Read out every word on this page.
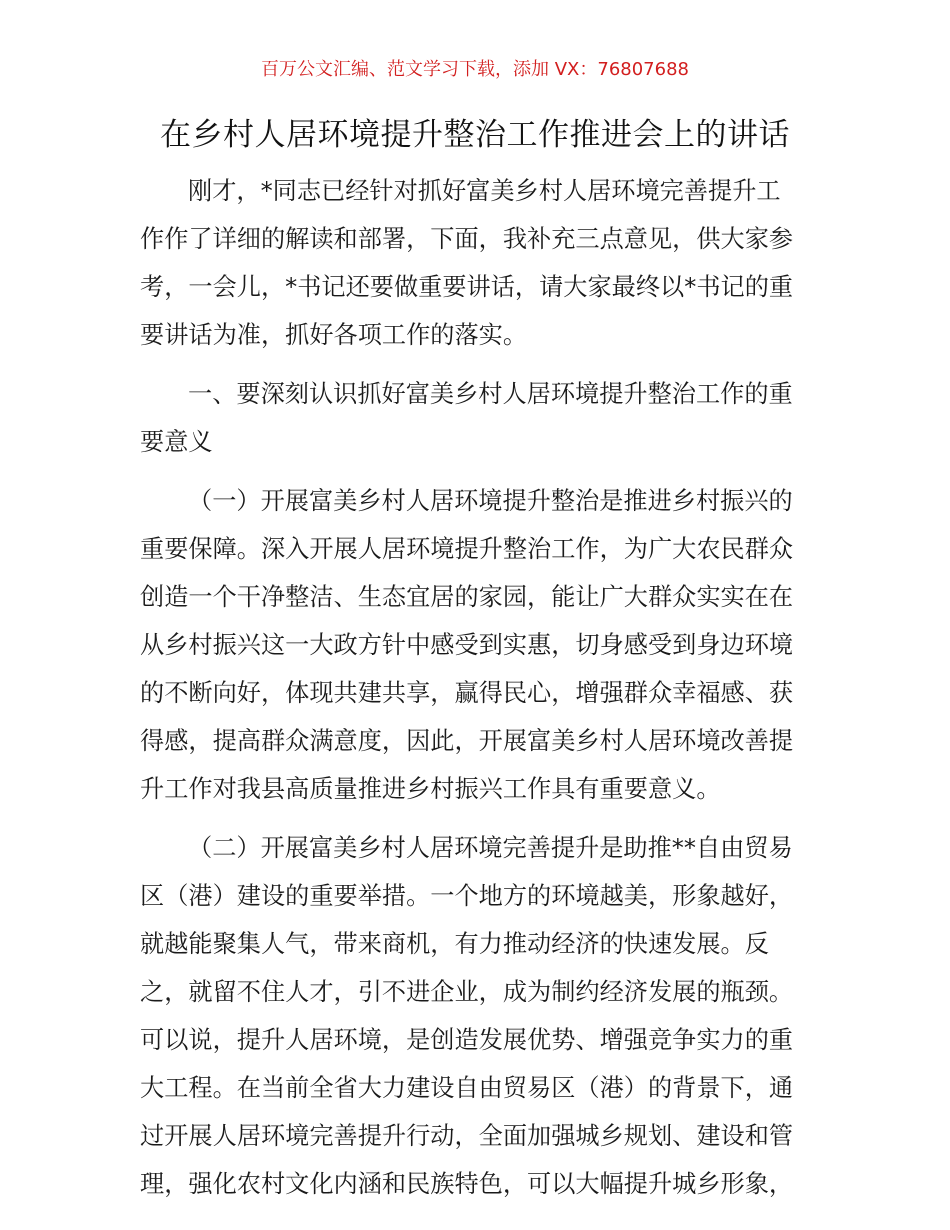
百万公文汇编、范文学习下载，添加 VX：76807688
在乡村人居环境提升整治工作推进会上的讲话
刚才，*同志已经针对抓好富美乡村人居环境完善提升工
作作了详细的解读和部署，下面，我补充三点意见，供大家参
考，一会儿，*书记还要做重要讲话，请大家最终以*书记的重
要讲话为准，抓好各项工作的落实。
一、要深刻认识抓好富美乡村人居环境提升整治工作的重
要意义
（一）开展富美乡村人居环境提升整治是推进乡村振兴的
重要保障。深入开展人居环境提升整治工作，为广大农民群众
创造一个干净整洁、生态宜居的家园，能让广大群众实实在在
从乡村振兴这一大政方针中感受到实惠，切身感受到身边环境
的不断向好，体现共建共享，赢得民心，增强群众幸福感、获
得感，提高群众满意度，因此，开展富美乡村人居环境改善提
升工作对我县高质量推进乡村振兴工作具有重要意义。
（二）开展富美乡村人居环境完善提升是助推**自由贸易
区（港）建设的重要举措。一个地方的环境越美，形象越好，
就越能聚集人气，带来商机，有力推动经济的快速发展。反
之，就留不住人才，引不进企业，成为制约经济发展的瓶颈。
可以说，提升人居环境，是创造发展优势、增强竞争实力的重
大工程。在当前全省大力建设自由贸易区（港）的背景下，通
过开展人居环境完善提升行动，全面加强城乡规划、建设和管
理，强化农村文化内涵和民族特色，可以大幅提升城乡形象，
